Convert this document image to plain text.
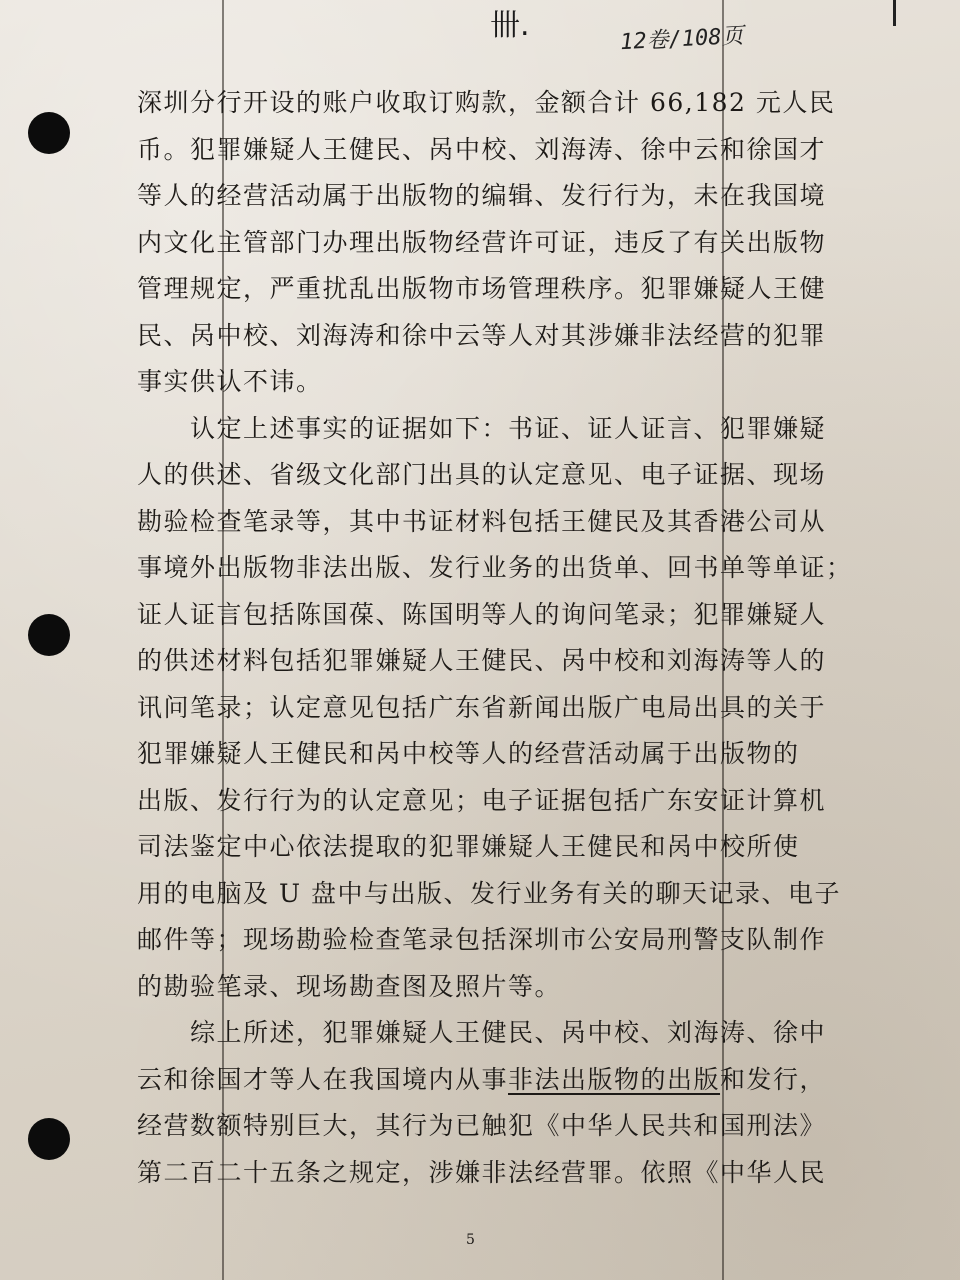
卌.	12卷/108页
深圳分行开设的账户收取订购款，金额合计 66,182 元人民
币。犯罪嫌疑人王健民、呙中校、刘海涛、徐中云和徐国才
等人的经营活动属于出版物的编辑、发行行为，未在我国境
内文化主管部门办理出版物经营许可证，违反了有关出版物
管理规定，严重扰乱出版物市场管理秩序。犯罪嫌疑人王健
民、呙中校、刘海涛和徐中云等人对其涉嫌非法经营的犯罪
事实供认不讳。
　　认定上述事实的证据如下：书证、证人证言、犯罪嫌疑
人的供述、省级文化部门出具的认定意见、电子证据、现场
勘验检查笔录等，其中书证材料包括王健民及其香港公司从
事境外出版物非法出版、发行业务的出货单、回书单等单证；
证人证言包括陈国葆、陈国明等人的询问笔录；犯罪嫌疑人
的供述材料包括犯罪嫌疑人王健民、呙中校和刘海涛等人的
讯问笔录；认定意见包括广东省新闻出版广电局出具的关于
犯罪嫌疑人王健民和呙中校等人的经营活动属于出版物的
出版、发行行为的认定意见；电子证据包括广东安证计算机
司法鉴定中心依法提取的犯罪嫌疑人王健民和呙中校所使
用的电脑及 U 盘中与出版、发行业务有关的聊天记录、电子
邮件等；现场勘验检查笔录包括深圳市公安局刑警支队制作
的勘验笔录、现场勘查图及照片等。
　　综上所述，犯罪嫌疑人王健民、呙中校、刘海涛、徐中
云和徐国才等人在我国境内从事非法出版物的出版和发行，
经营数额特别巨大，其行为已触犯《中华人民共和国刑法》
第二百二十五条之规定，涉嫌非法经营罪。依照《中华人民
5
